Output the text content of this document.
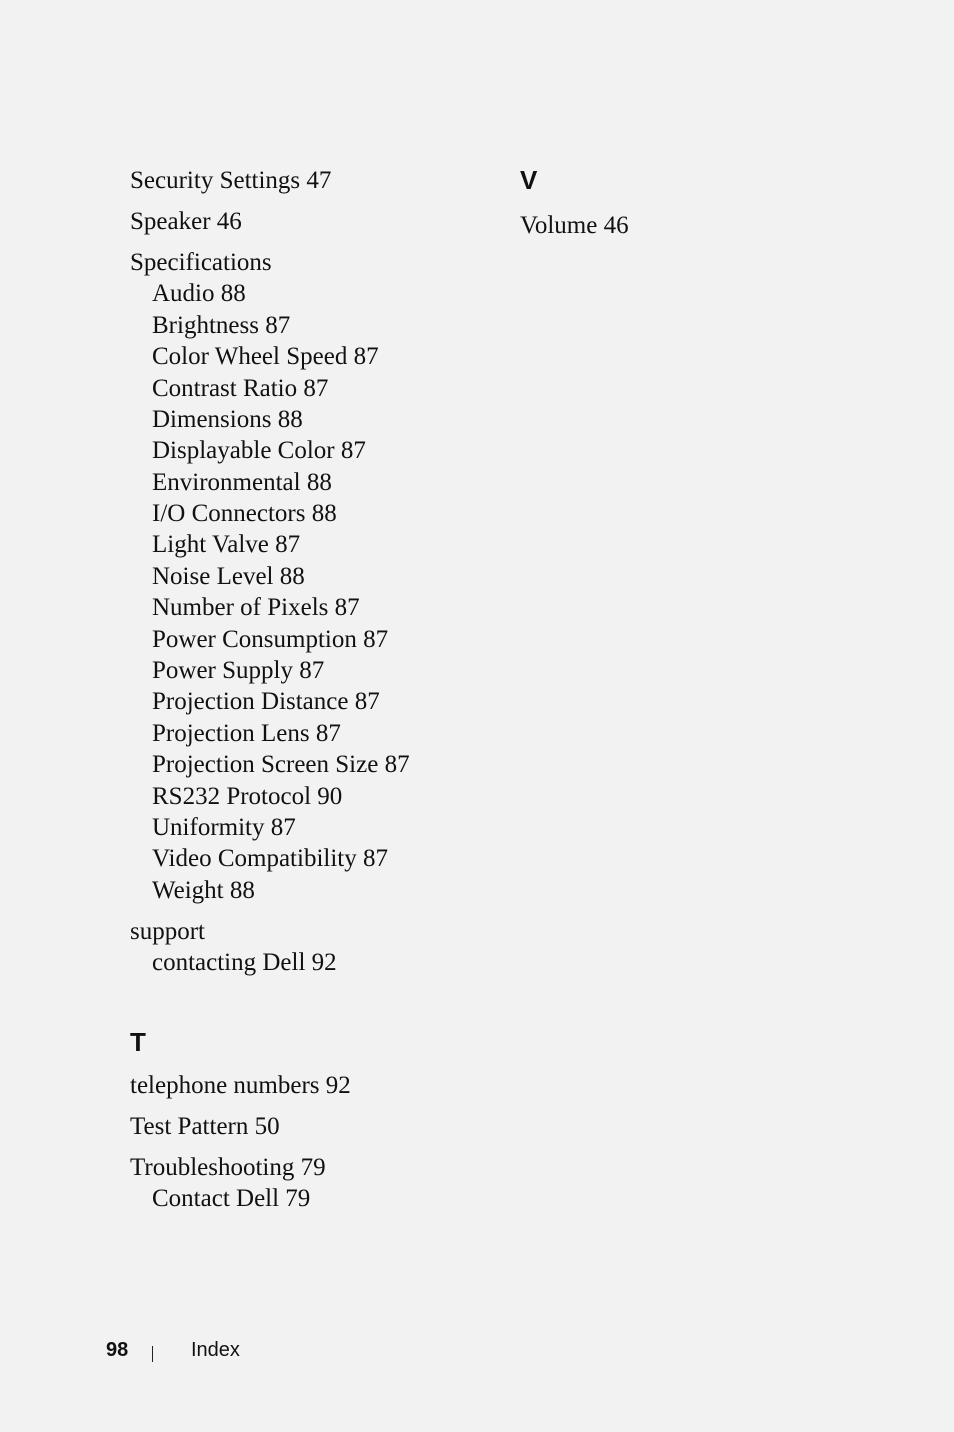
Security Settings 47
Speaker 46
Specifications
Audio 88
Brightness 87
Color Wheel Speed 87
Contrast Ratio 87
Dimensions 88
Displayable Color 87
Environmental 88
I/O Connectors 88
Light Valve 87
Noise Level 88
Number of Pixels 87
Power Consumption 87
Power Supply 87
Projection Distance 87
Projection Lens 87
Projection Screen Size 87
RS232 Protocol 90
Uniformity 87
Video Compatibility 87
Weight 88
support
contacting Dell 92
T
telephone numbers 92
Test Pattern 50
Troubleshooting 79
Contact Dell 79
V
Volume 46
98	Index
